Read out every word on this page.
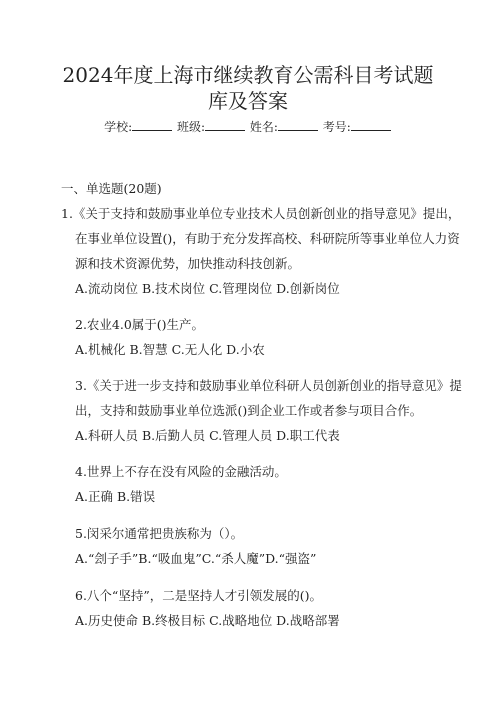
2024年度上海市继续教育公需科目考试题
库及答案
学校:	班级:	姓名:	考号:
一、单选题(20题)
1.《关于支持和鼓励事业单位专业技术人员创新创业的指导意见》提出，
在事业单位设置()，有助于充分发挥高校、科研院所等事业单位人力资
源和技术资源优势，加快推动科技创新。
A.流动岗位 B.技术岗位 C.管理岗位 D.创新岗位
2.农业4.0属于()生产。
A.机械化 B.智慧 C.无人化 D.小农
3.《关于进一步支持和鼓励事业单位科研人员创新创业的指导意见》提
出，支持和鼓励事业单位选派()到企业工作或者参与项目合作。
A.科研人员 B.后勤人员 C.管理人员 D.职工代表
4.世界上不存在没有风险的金融活动。
A.正确 B.错误
5.闵采尔通常把贵族称为（）。
A.“刽子手”B.“吸血鬼”C.“杀人魔”D.“强盗”
6.八个“坚持”，二是坚持人才引领发展的()。
A.历史使命 B.终极目标 C.战略地位 D.战略部署
